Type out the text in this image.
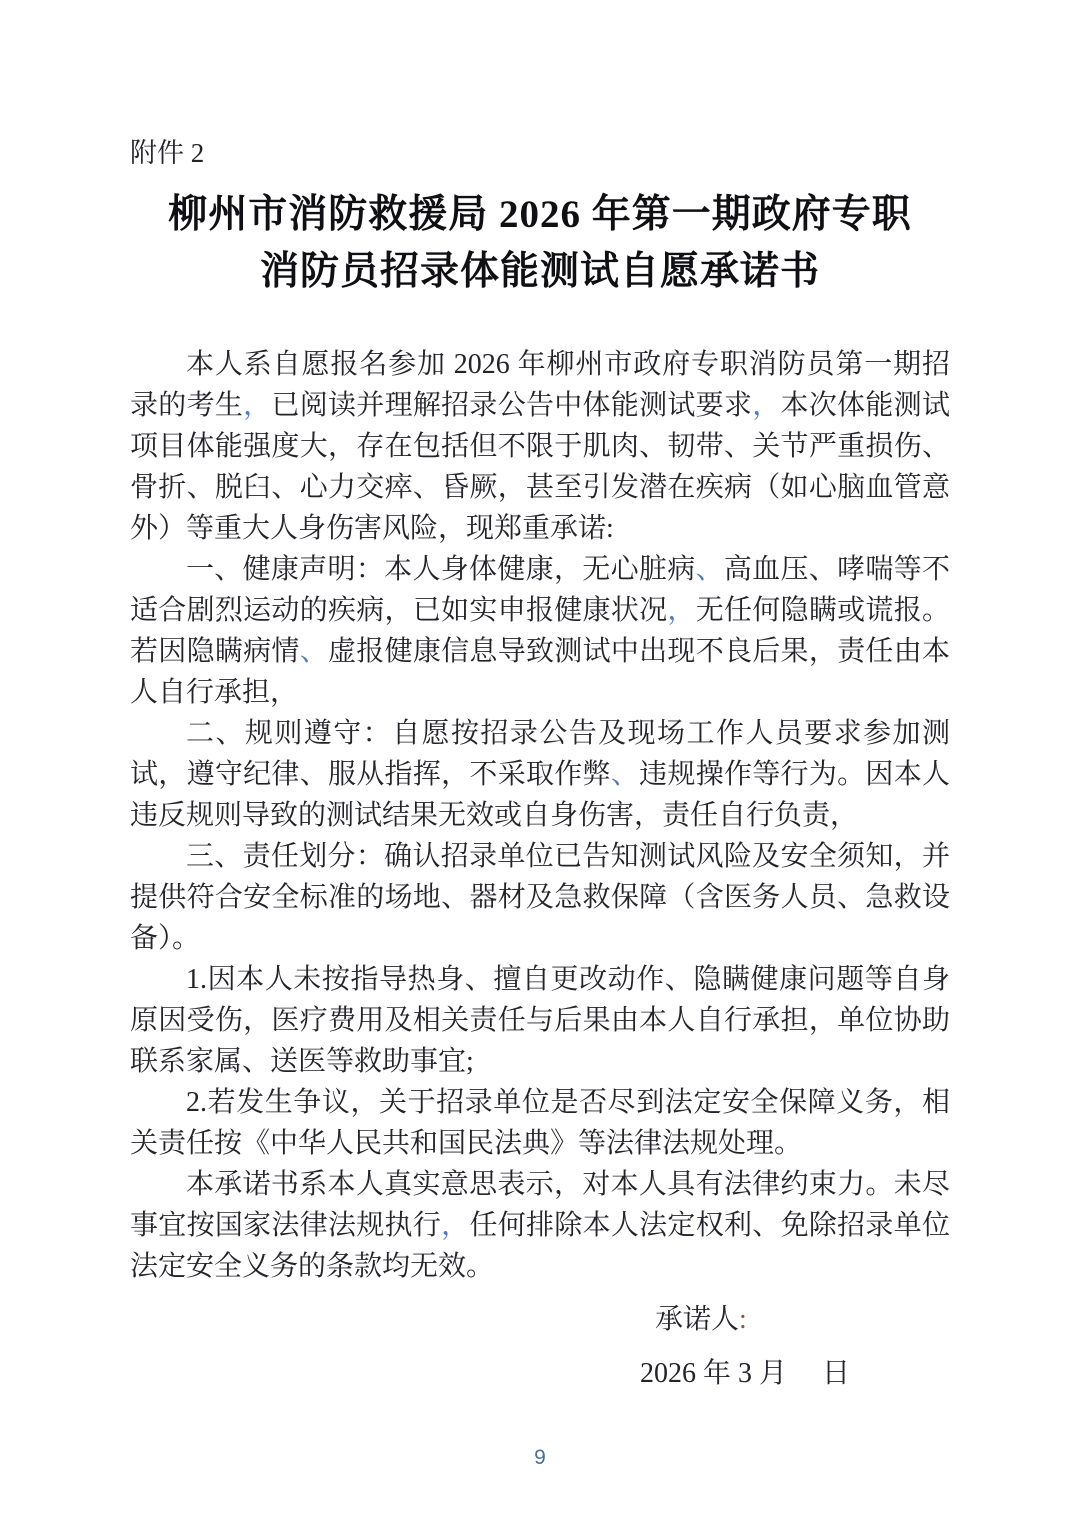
附件 2
柳州市消防救援局 2026 年第一期政府专职
消防员招录体能测试自愿承诺书
本人系自愿报名参加 2026 年柳州市政府专职消防员第一期招录的考生，已阅读并理解招录公告中体能测试要求，本次体能测试项目体能强度大，存在包括但不限于肌肉、韧带、关节严重损伤、骨折、脱臼、心力交瘁、昏厥，甚至引发潜在疾病（如心脑血管意外）等重大人身伤害风险，现郑重承诺:
一、健康声明：本人身体健康，无心脏病、高血压、哮喘等不适合剧烈运动的疾病，已如实申报健康状况，无任何隐瞒或谎报。若因隐瞒病情、虚报健康信息导致测试中出现不良后果，责任由本人自行承担，
二、规则遵守：自愿按招录公告及现场工作人员要求参加测试，遵守纪律、服从指挥，不采取作弊、违规操作等行为。因本人违反规则导致的测试结果无效或自身伤害，责任自行负责，
三、责任划分：确认招录单位已告知测试风险及安全须知，并提供符合安全标准的场地、器材及急救保障（含医务人员、急救设备）。
1.因本人未按指导热身、擅自更改动作、隐瞒健康问题等自身原因受伤，医疗费用及相关责任与后果由本人自行承担，单位协助联系家属、送医等救助事宜;
2.若发生争议，关于招录单位是否尽到法定安全保障义务，相关责任按《中华人民共和国民法典》等法律法规处理。
本承诺书系本人真实意思表示，对本人具有法律约束力。未尽事宜按国家法律法规执行，任何排除本人法定权利、免除招录单位法定安全义务的条款均无效。
承诺人:
2026 年 3 月　 日
9
